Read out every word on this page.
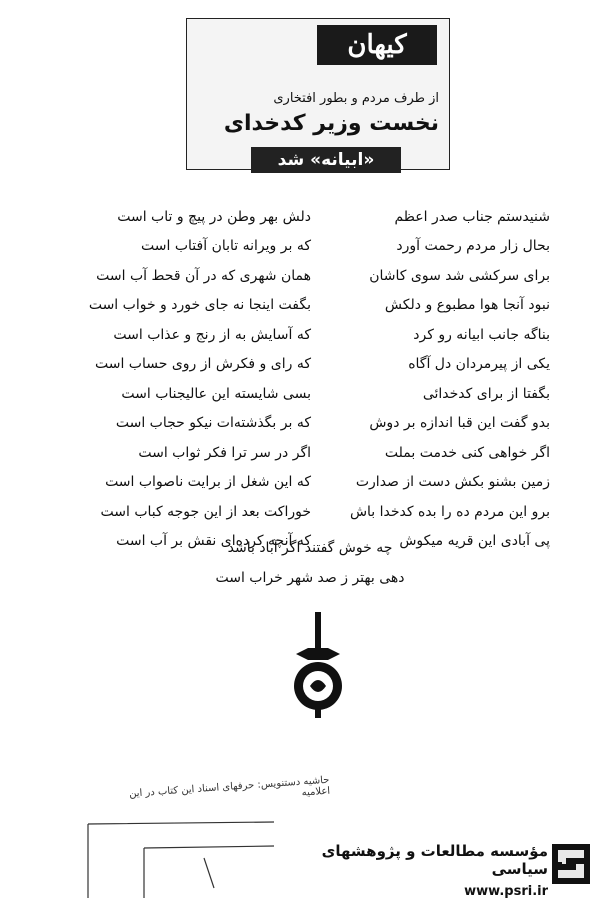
کیهان
از طرف مردم و بطور افتخاری
نخست وزیر کدخدای
«ابیانه» شد
شنیدستم جناب صدر اعظم
دلش بهر وطن در پیچ و تاب است
بحال زار مردم رحمت آورد
که بر ویرانه تابان آفتاب است
برای سرکشی شد سوی کاشان
همان شهری که در آن قحط آب است
نبود آنجا هوا مطبوع و دلکش
بگفت اینجا نه جای خورد و خواب است
بناگه جانب ابیانه رو کرد
که آسایش به از رنج و عذاب است
یکی از پیرمردان دل آگاه
که رای و فکرش از روی حساب است
بگفتا از برای کدخدائی
بسی شایسته این عالیجناب است
بدو گفت این قبا اندازه بر دوش
که بر بگذشته‌ات نیکو حجاب است
اگر خواهی کنی خدمت بملت
اگر در سر ترا فکر ثواب است
زمین بشنو بکش دست از صدارت
که این شغل از برایت ناصواب است
برو این مردم ده را بده کدخدا باش
خوراکت بعد از این جوجه کباب است
پی آبادی این قریه میکوش
که آنچه کرده‌ای نقش بر آب است
چه خوش گفتند اگر آباد باشد
دهی بهتر ز صد شهر خراب است
حاشیه دستنویس: حرفهای اسناد این کتاب در این اعلامیه
مؤسسه مطالعات و پژوهشهای سیاسی
www.psri.ir
